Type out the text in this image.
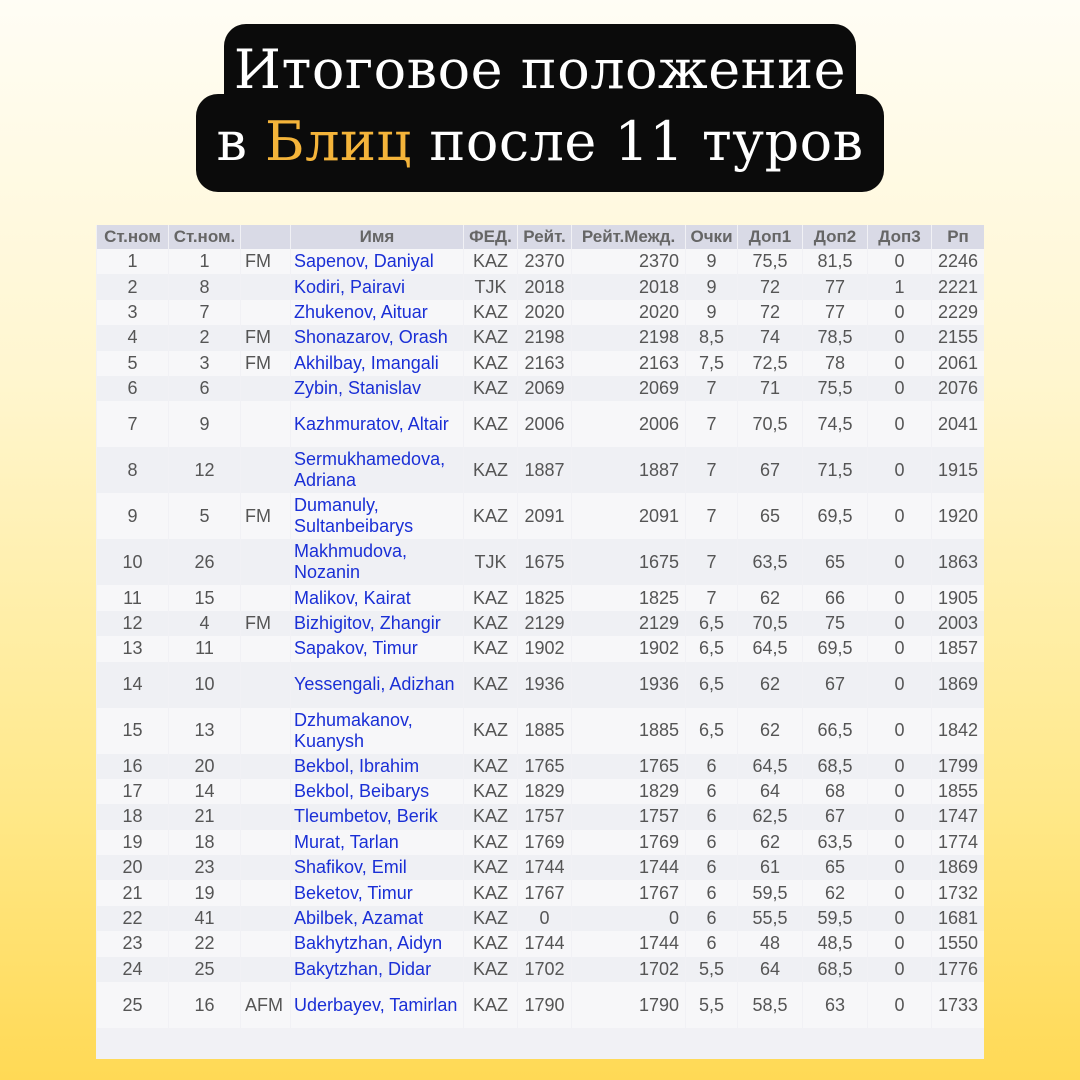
Итоговое положение
в Блиц после 11 туров
Ст.ном	Ст.ном.		Имя	ФЕД.	Рейт.	Рейт.Межд.	Очки	Доп1	Доп2	Доп3	Рп
1	1	FM	Sapenov, Daniyal	KAZ	2370	2370	9	75,5	81,5	0	2246
2	8		Kodiri, Pairavi	TJK	2018	2018	9	72	77	1	2221
3	7		Zhukenov, Aituar	KAZ	2020	2020	9	72	77	0	2229
4	2	FM	Shonazarov, Orash	KAZ	2198	2198	8,5	74	78,5	0	2155
5	3	FM	Akhilbay, Imangali	KAZ	2163	2163	7,5	72,5	78	0	2061
6	6		Zybin, Stanislav	KAZ	2069	2069	7	71	75,5	0	2076
7	9		Kazhmuratov, Altair	KAZ	2006	2006	7	70,5	74,5	0	2041
8	12		Sermukhamedova, Adriana	KAZ	1887	1887	7	67	71,5	0	1915
9	5	FM	Dumanuly, Sultanbeibarys	KAZ	2091	2091	7	65	69,5	0	1920
10	26		Makhmudova, Nozanin	TJK	1675	1675	7	63,5	65	0	1863
11	15		Malikov, Kairat	KAZ	1825	1825	7	62	66	0	1905
12	4	FM	Bizhigitov, Zhangir	KAZ	2129	2129	6,5	70,5	75	0	2003
13	11		Sapakov, Timur	KAZ	1902	1902	6,5	64,5	69,5	0	1857
14	10		Yessengali, Adizhan	KAZ	1936	1936	6,5	62	67	0	1869
15	13		Dzhumakanov, Kuanysh	KAZ	1885	1885	6,5	62	66,5	0	1842
16	20		Bekbol, Ibrahim	KAZ	1765	1765	6	64,5	68,5	0	1799
17	14		Bekbol, Beibarys	KAZ	1829	1829	6	64	68	0	1855
18	21		Tleumbetov, Berik	KAZ	1757	1757	6	62,5	67	0	1747
19	18		Murat, Tarlan	KAZ	1769	1769	6	62	63,5	0	1774
20	23		Shafikov, Emil	KAZ	1744	1744	6	61	65	0	1869
21	19		Beketov, Timur	KAZ	1767	1767	6	59,5	62	0	1732
22	41		Abilbek, Azamat	KAZ	0	0	6	55,5	59,5	0	1681
23	22		Bakhytzhan, Aidyn	KAZ	1744	1744	6	48	48,5	0	1550
24	25		Bakytzhan, Didar	KAZ	1702	1702	5,5	64	68,5	0	1776
25	16	AFM	Uderbayev, Tamirlan	KAZ	1790	1790	5,5	58,5	63	0	1733
